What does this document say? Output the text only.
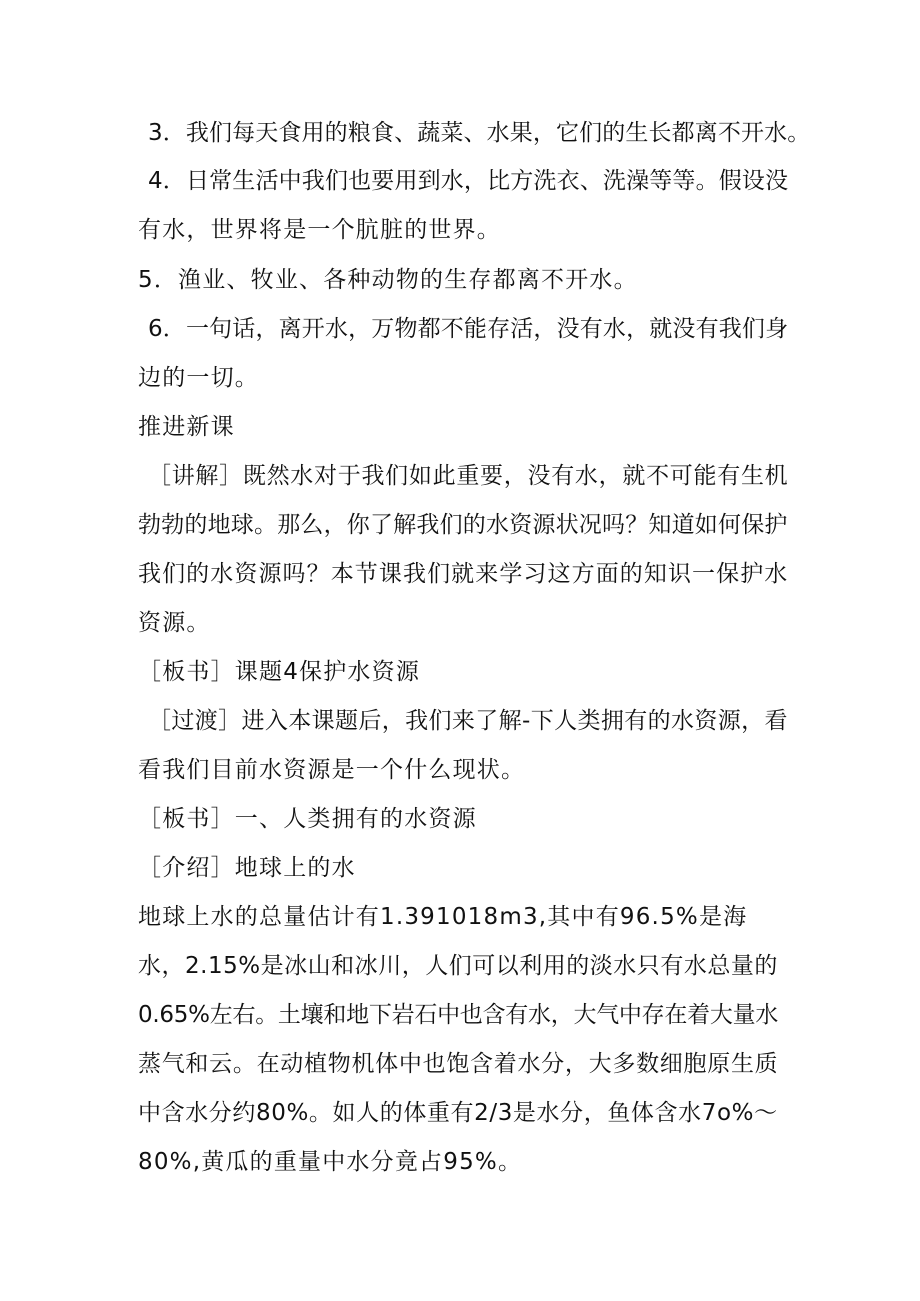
3．我们每天食用的粮食、蔬菜、水果，它们的生长都离不开水。
4．日常生活中我们也要用到水，比方洗衣、洗澡等等。假设没
有水，世界将是一个肮脏的世界。
5．渔业、牧业、各种动物的生存都离不开水。
6．一句话，离开水，万物都不能存活，没有水，就没有我们身
边的一切。
推进新课
［讲解］既然水对于我们如此重要，没有水，就不可能有生机
勃勃的地球。那么，你了解我们的水资源状况吗？知道如何保护
我们的水资源吗？本节课我们就来学习这方面的知识一保护水
资源。
［板书］课题4保护水资源
［过渡］进入本课题后，我们来了解-下人类拥有的水资源，看
看我们目前水资源是一个什么现状。
［板书］一、人类拥有的水资源
［介绍］地球上的水
地球上水的总量估计有1.391018m3,其中有96.5%是海
水，2.15%是冰山和冰川，人们可以利用的淡水只有水总量的
0.65%左右。土壤和地下岩石中也含有水，大气中存在着大量水
蒸气和云。在动植物机体中也饱含着水分，大多数细胞原生质
中含水分约80%。如人的体重有2/3是水分，鱼体含水7o%〜
80%,黄瓜的重量中水分竟占95%。
